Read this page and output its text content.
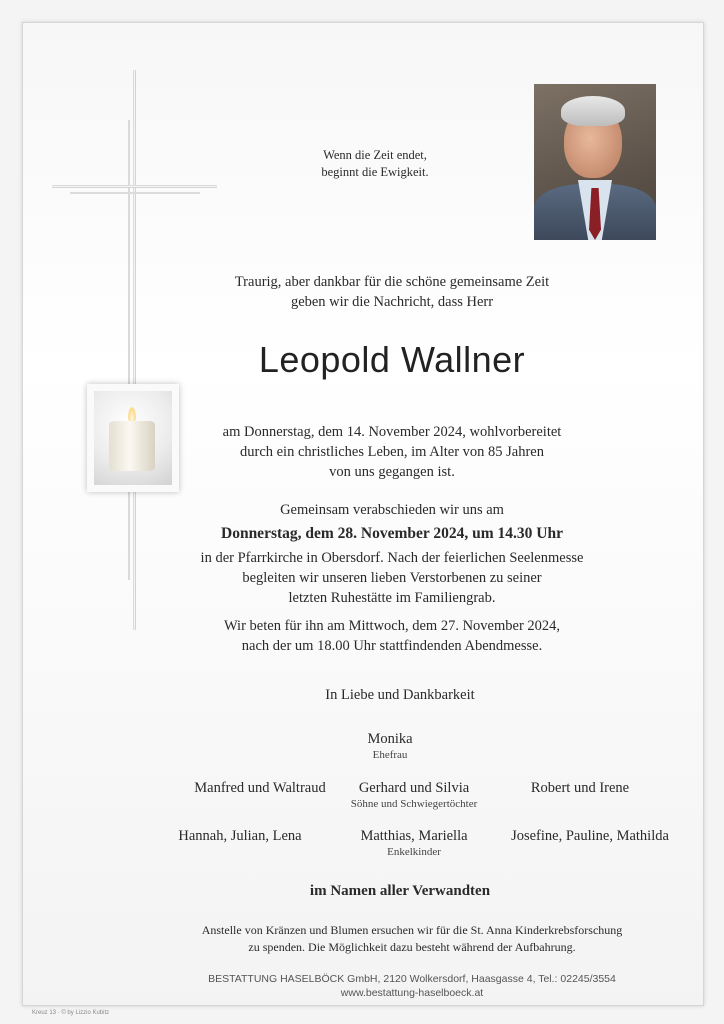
Wenn die Zeit endet,
beginnt die Ewigkeit.
Traurig, aber dankbar für die schöne gemeinsame Zeit
geben wir die Nachricht, dass Herr
Leopold Wallner
am Donnerstag, dem 14. November 2024, wohlvorbereitet
durch ein christliches Leben, im Alter von 85 Jahren
von uns gegangen ist.
Gemeinsam verabschieden wir uns am
Donnerstag, dem 28. November 2024, um 14.30 Uhr
in der Pfarrkirche in Obersdorf. Nach der feierlichen Seelenmesse
begleiten wir unseren lieben Verstorbenen zu seiner
letzten Ruhestätte im Familiengrab.
Wir beten für ihn am Mittwoch, dem 27. November 2024,
nach der um 18.00 Uhr stattfindenden Abendmesse.
In Liebe und Dankbarkeit
Monika
Ehefrau
Manfred und Waltraud	Gerhard und Silvia	Robert und Irene
Söhne und Schwiegertöchter
Hannah, Julian, Lena	Matthias, Mariella	Josefine, Pauline, Mathilda
Enkelkinder
im Namen aller Verwandten
Anstelle von Kränzen und Blumen ersuchen wir für die St. Anna Kinderkrebsforschung
zu spenden. Die Möglichkeit dazu besteht während der Aufbahrung.
BESTATTUNG HASELBÖCK GmbH, 2120 Wolkersdorf, Haasgasse 4, Tel.: 02245/3554
www.bestattung-haselboeck.at
Kreuz 13 · © by Lizzio Kubitz
